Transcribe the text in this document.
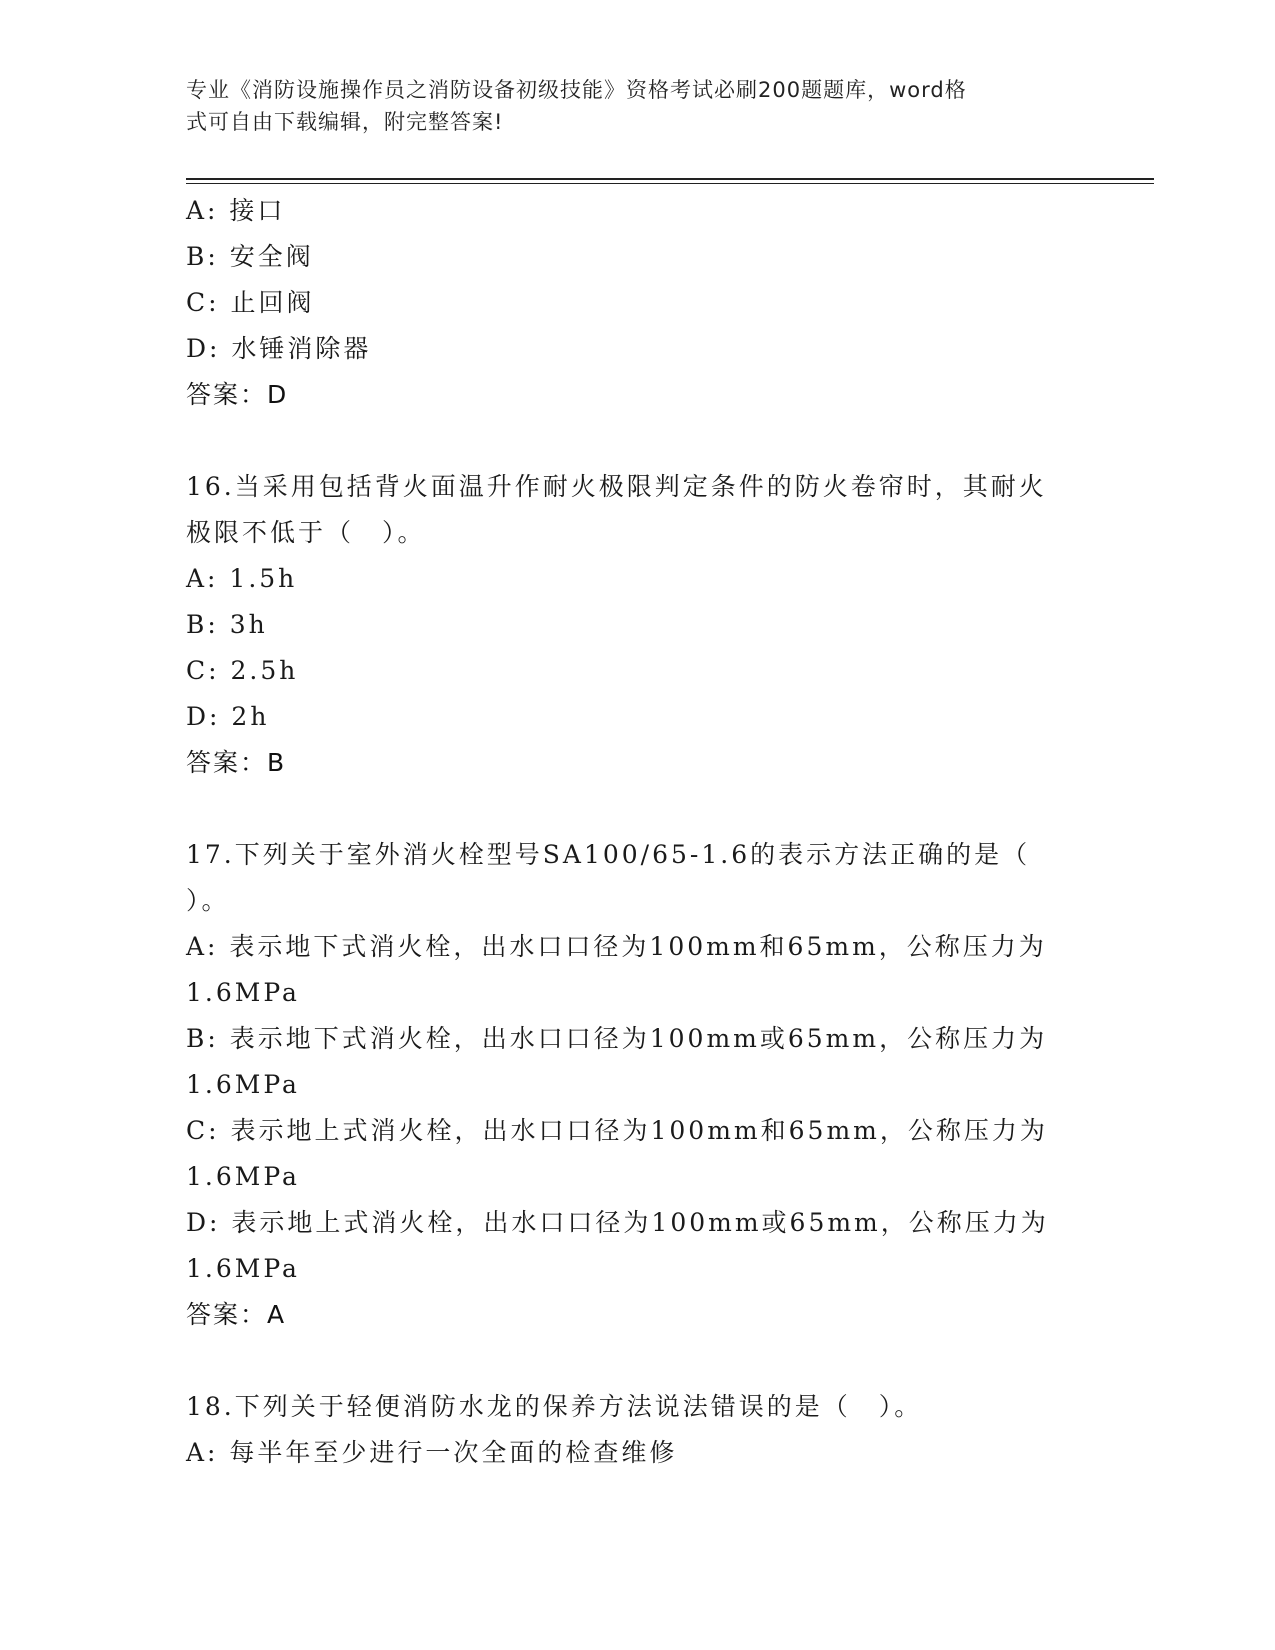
专业《消防设施操作员之消防设备初级技能》资格考试必刷200题题库，word格
式可自由下载编辑，附完整答案!
A: 接口
B: 安全阀
C: 止回阀
D: 水锤消除器
答案：D
16.当采用包括背火面温升作耐火极限判定条件的防火卷帘时，其耐火
极限不低于（　）。
A: 1.5h
B: 3h
C: 2.5h
D: 2h
答案：B
17.下列关于室外消火栓型号SA100/65-1.6的表示方法正确的是（
）。
A: 表示地下式消火栓，出水口口径为100mm和65mm，公称压力为
1.6MPa
B: 表示地下式消火栓，出水口口径为100mm或65mm，公称压力为
1.6MPa
C: 表示地上式消火栓，出水口口径为100mm和65mm，公称压力为
1.6MPa
D: 表示地上式消火栓，出水口口径为100mm或65mm，公称压力为
1.6MPa
答案：A
18.下列关于轻便消防水龙的保养方法说法错误的是（　）。
A: 每半年至少进行一次全面的检查维修
